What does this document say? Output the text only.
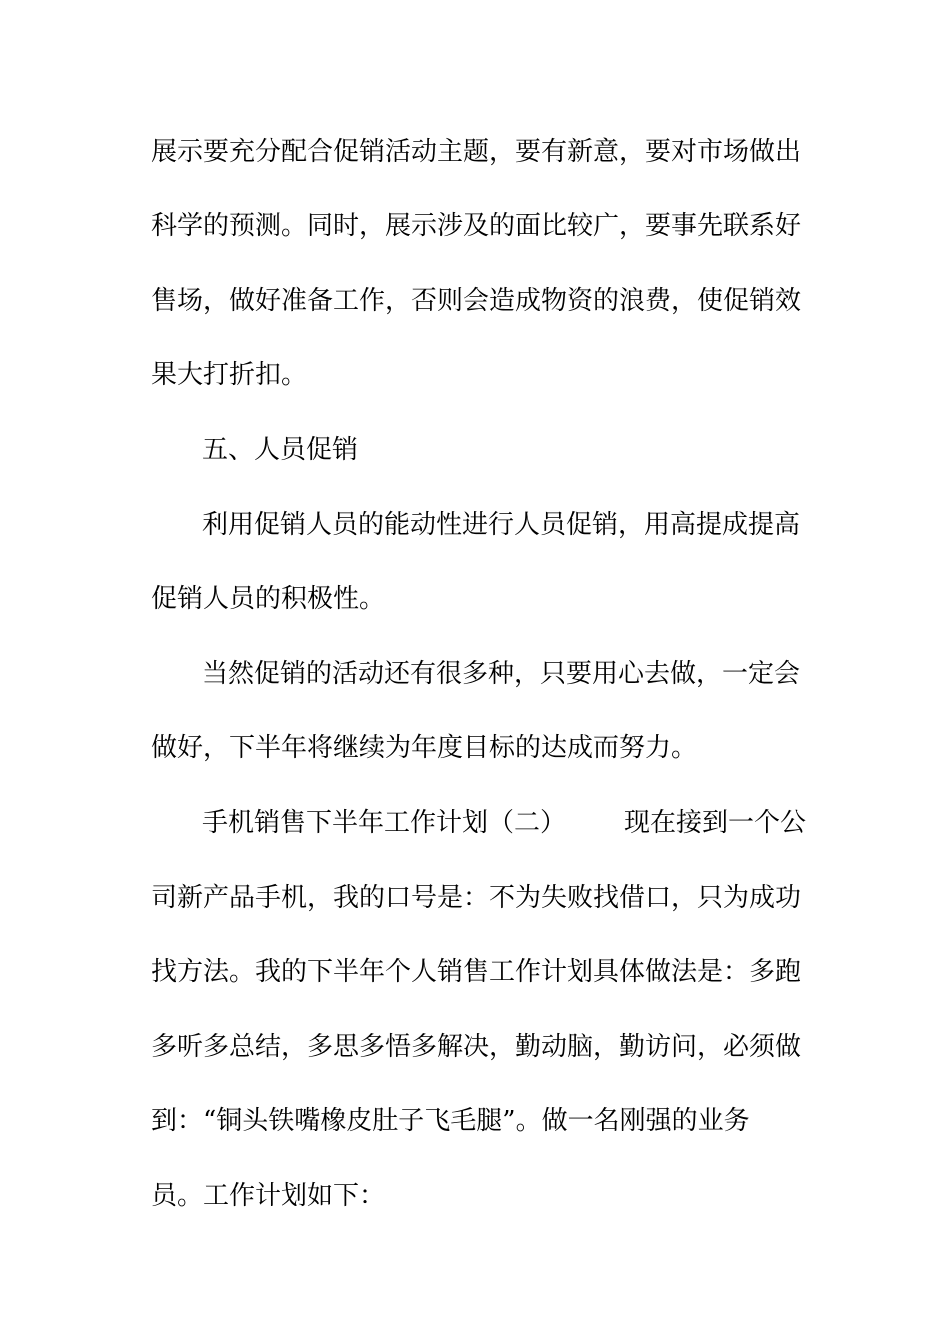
展示要充分配合促销活动主题，要有新意，要对市场做出
科学的预测。同时，展示涉及的面比较广，要事先联系好
售场，做好准备工作，否则会造成物资的浪费，使促销效
果大打折扣。
五、人员促销
利用促销人员的能动性进行人员促销，用高提成提高
促销人员的积极性。
当然促销的活动还有很多种，只要用心去做，一定会
做好，下半年将继续为年度目标的达成而努力。
手机销售下半年工作计划（二） 现在接到一个公
司新产品手机，我的口号是：不为失败找借口，只为成功
找方法。我的下半年个人销售工作计划具体做法是：多跑
多听多总结，多思多悟多解决，勤动脑，勤访问，必须做
到：“铜头铁嘴橡皮肚子飞毛腿”。做一名刚强的业务
员。工作计划如下：
